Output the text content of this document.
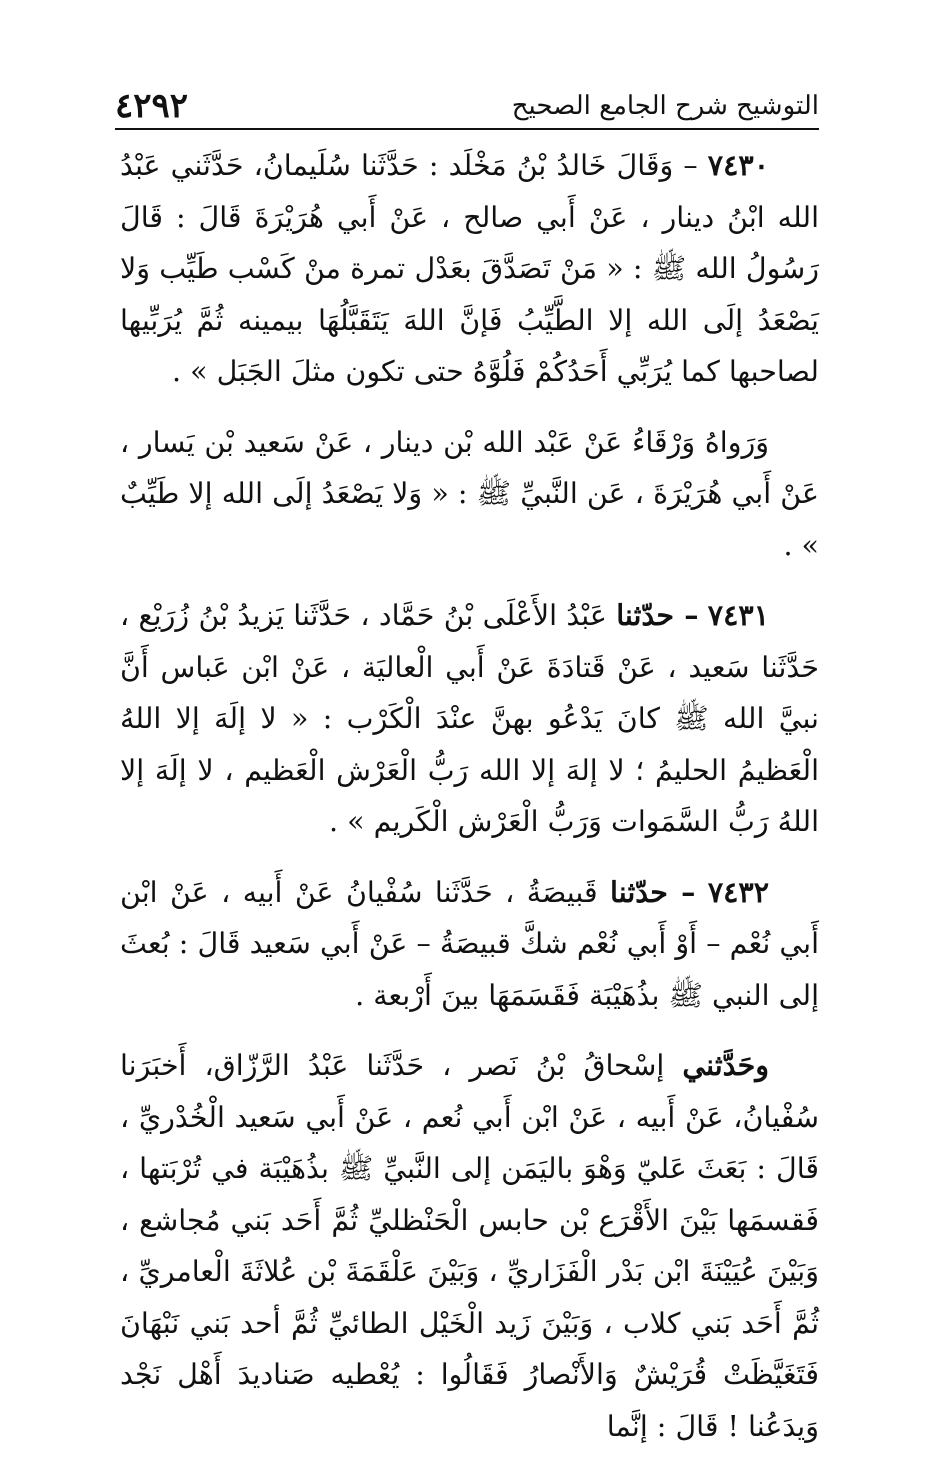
٤٢٩٢	التوشيح شرح الجامع الصحيح

٧٤٣٠ – وَقَالَ خَالدُ بْنُ مَخْلَد : حَدَّثَنا سُلَيمانُ، حَدَّثَني عَبْدُ الله ابْنُ دينار ، عَنْ أَبي صالح ، عَنْ أَبي هُرَيْرَةَ قَالَ : قَالَ رَسُولُ الله ﷺ : « مَنْ تَصَدَّقَ بعَدْل تمرة منْ كَسْب طَيِّب وَلا يَصْعَدُ إلَى الله إلا الطَّيِّبُ فَإنَّ اللهَ يَتَقَبَّلُهَا بيمينه ثُمَّ يُرَبِّيها لصاحبها كما يُرَبِّي أَحَدُكُمْ فَلُوَّهُ حتى تكون مثلَ الجَبَل » .

وَرَواهُ وَرْقَاءُ عَنْ عَبْد الله بْن دينار ، عَنْ سَعيد بْن يَسار ، عَنْ أَبي هُرَيْرَةَ ، عَن النَّبيِّ ﷺ : « وَلا يَصْعَدُ إلَى الله إلا طَيِّبٌ » .

٧٤٣١ – حدّثنا عَبْدُ الأَعْلَى بْنُ حَمَّاد ، حَدَّثَنا يَزيدُ بْنُ زُرَيْع ، حَدَّثَنا سَعيد ، عَنْ قَتادَةَ عَنْ أَبي الْعاليَة ، عَنْ ابْن عَباس أَنَّ نبيَّ الله ﷺ كانَ يَدْعُو بهنَّ عنْدَ الْكَرْب : « لا إلَهَ إلا اللهُ الْعَظيمُ الحليمُ ؛ لا إلهَ إلا الله رَبُّ الْعَرْش الْعَظيم ، لا إلَهَ إلا اللهُ رَبُّ السَّمَوات وَرَبُّ الْعَرْش الْكَريم » .

٧٤٣٢ – حدّثنا قَبيصَةُ ، حَدَّثَنا سُفْيانُ عَنْ أَبيه ، عَنْ ابْن أَبي نُعْم – أَوْ أَبي نُعْم شكَّ قبيصَةُ – عَنْ أَبي سَعيد قَالَ : بُعثَ إلى النبي ﷺ بذُهَيْبَة فَقَسَمَهَا بينَ أَرْبعة .

وحَدَّثني إسْحاقُ بْنُ نَصر ، حَدَّثَنا عَبْدُ الرَّزّاق، أَخبَرَنا سُفْيانُ، عَنْ أَبيه ، عَنْ ابْن أَبي نُعم ، عَنْ أَبي سَعيد الْخُدْريِّ ، قَالَ : بَعَثَ عَليّ وَهْوَ باليَمَن إلى النَّبيِّ ﷺ بذُهَيْبَة في تُرْبَتها ، فَقسمَها بَيْنَ الأَقْرَع بْن حابس الْحَنْظليِّ ثُمَّ أَحَد بَني مُجاشع ، وَبَيْنَ عُيَيْنَةَ ابْن بَدْر الْفَزَاريِّ ، وَبَيْنَ عَلْقَمَةَ بْن عُلاثَةَ الْعامريِّ ، ثُمَّ أَحَد بَني كلاب ، وَبَيْنَ زَيد الْخَيْل الطائيِّ ثُمَّ أحد بَني نَبْهَانَ فَتَغَيَّظَتْ قُرَيْشٌ وَالأَنْصارُ فَقَالُوا : يُعْطيه صَناديدَ أَهْل نَجْد وَيدَعُنا ! قَالَ : إنَّما
